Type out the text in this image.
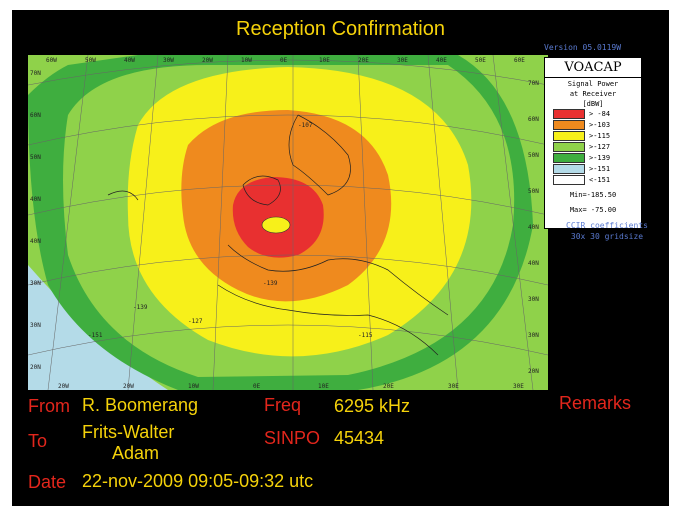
Reception Confirmation
60W	50W	40W	30W	20W	10W	0E	10E	20E	30E	40E	50E	60E
20W	20W	10W	0E	10E	20E	30E	30E
70N
60N
50N
40N
40N
30N
30N
20N
70N
60N
50N
50N
40N
40N
30N
30N
20N
-107
-127
-139
-139
-151	-115
Version 05.0119W
VOACAP
Signal Power
at Receiver
[dBW]
> -84
>-103
>-115
>-127
>-139
>-151
<-151
Min=-185.50
Max= -75.00
CCIR coefficients
30x 30 gridsize
From R. Boomerang
To Frits-Walter
Adam
Date 22-nov-2009 09:05-09:32 utc
Freq 6295 kHz
SINPO 45434
Remarks
